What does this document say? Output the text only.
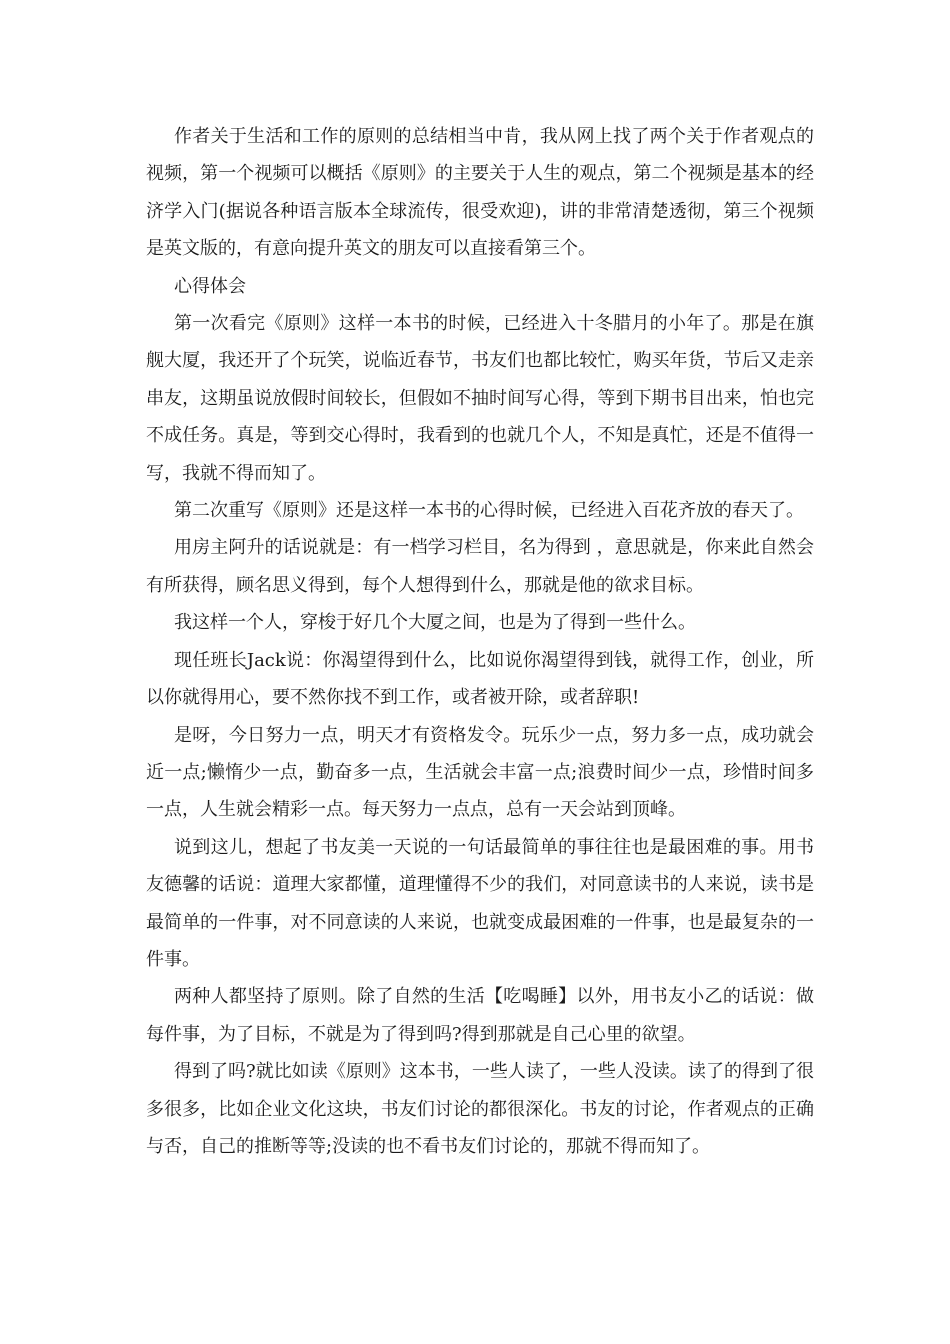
作者关于生活和工作的原则的总结相当中肯，我从网上找了两个关于作者观点的视频，第一个视频可以概括《原则》的主要关于人生的观点，第二个视频是基本的经济学入门(据说各种语言版本全球流传，很受欢迎)，讲的非常清楚透彻，第三个视频是英文版的，有意向提升英文的朋友可以直接看第三个。

心得体会

第一次看完《原则》这样一本书的时候，已经进入十冬腊月的小年了。那是在旗舰大厦，我还开了个玩笑，说临近春节，书友们也都比较忙，购买年货，节后又走亲串友，这期虽说放假时间较长，但假如不抽时间写心得，等到下期书目出来，怕也完不成任务。真是，等到交心得时，我看到的也就几个人，不知是真忙，还是不值得一写，我就不得而知了。

第二次重写《原则》还是这样一本书的心得时候，已经进入百花齐放的春天了。

用房主阿升的话说就是：有一档学习栏目，名为得到 ，意思就是，你来此自然会有所获得，顾名思义得到，每个人想得到什么，那就是他的欲求目标。

我这样一个人，穿梭于好几个大厦之间，也是为了得到一些什么。

现任班长Jack说：你渴望得到什么，比如说你渴望得到钱，就得工作，创业，所以你就得用心，要不然你找不到工作，或者被开除，或者辞职!

是呀，今日努力一点，明天才有资格发令。玩乐少一点，努力多一点，成功就会近一点;懒惰少一点，勤奋多一点，生活就会丰富一点;浪费时间少一点，珍惜时间多一点，人生就会精彩一点。每天努力一点点，总有一天会站到顶峰。

说到这儿，想起了书友美一天说的一句话最简单的事往往也是最困难的事。用书友德馨的话说：道理大家都懂，道理懂得不少的我们，对同意读书的人来说，读书是最简单的一件事，对不同意读的人来说，也就变成最困难的一件事，也是最复杂的一件事。

两种人都坚持了原则。除了自然的生活【吃喝睡】以外，用书友小乙的话说：做每件事，为了目标，不就是为了得到吗?得到那就是自己心里的欲望。

得到了吗?就比如读《原则》这本书，一些人读了，一些人没读。读了的得到了很多很多，比如企业文化这块，书友们讨论的都很深化。书友的讨论，作者观点的正确与否，自己的推断等等;没读的也不看书友们讨论的，那就不得而知了。
